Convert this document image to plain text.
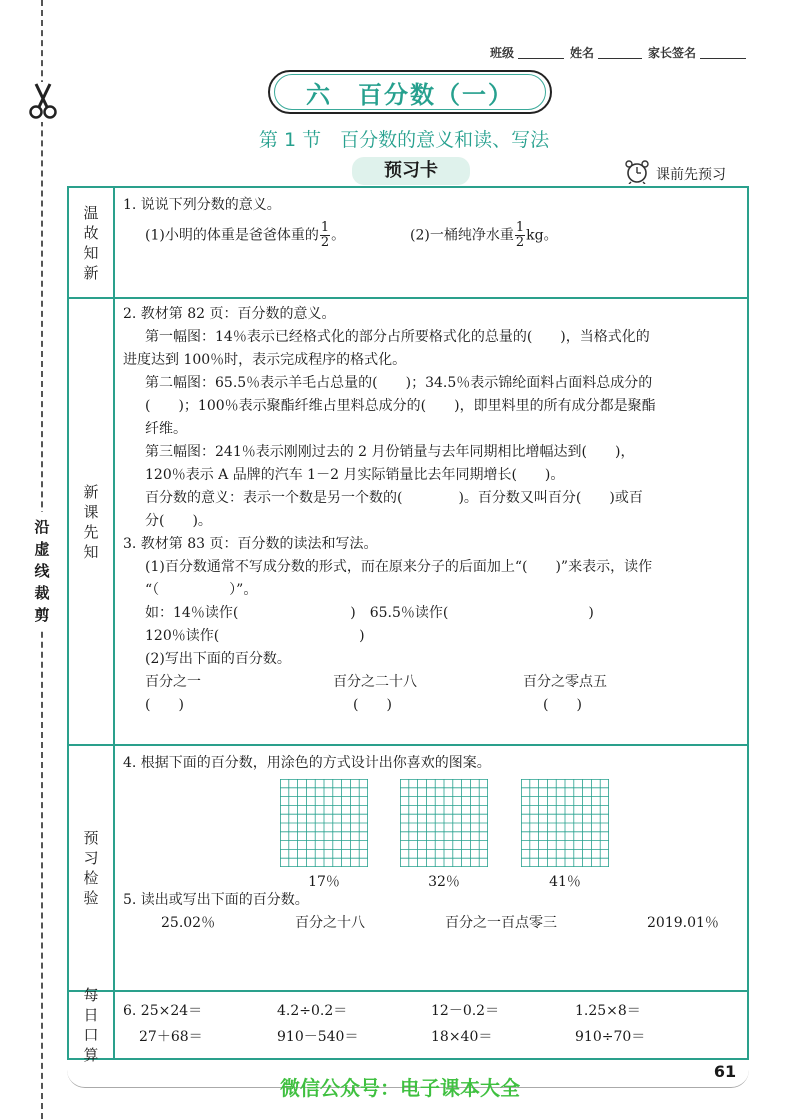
沿虚线裁剪
班级	姓名	家长签名
六　百分数（一）
第 1 节　百分数的意义和读、写法
预习卡	课前先预习
温故知新
1. 说说下列分数的意义。
(1)小明的体重是爸爸体重的 $\frac{1}{2}$ 。	(2)一桶纯净水重 $\frac{1}{2}$ kg。
新课先知
2. 教材第 82 页：百分数的意义。
第一幅图：14％表示已经格式化的部分占所要格式化的总量的(　　)，当格式化的
进度达到 100％时，表示完成程序的格式化。
第二幅图：65.5％表示羊毛占总量的(　　)；34.5％表示锦纶面料占面料总成分的
(　　)；100％表示聚酯纤维占里料总成分的(　　)，即里料里的所有成分都是聚酯
纤维。
第三幅图：241％表示刚刚过去的 2 月份销量与去年同期相比增幅达到(　　)，
120％表示 A 品牌的汽车 1－2 月实际销量比去年同期增长(　　)。
百分数的意义：表示一个数是另一个数的(　　　　)。百分数又叫百分(　　)或百
分(　　)。
3. 教材第 83 页：百分数的读法和写法。
(1)百分数通常不写成分数的形式，而在原来分子的后面加上“(　　)”来表示，读作
“（　　　　　）”。
如：14％读作(　　　　　　　　)　65.5％读作(　　　　　　　　　　)
120％读作(　　　　　　　　　　)
(2)写出下面的百分数。
百分之一	百分之二十八	百分之零点五
(　　)	(　　)	(　　)
预习检验
4. 根据下面的百分数，用涂色的方式设计出你喜欢的图案。
17％	32％	41％
5. 读出或写出下面的百分数。
25.02％	百分之十八	百分之一百点零三	2019.01％
每日口算
6. 25×24＝	4.2÷0.2＝	12－0.2＝	1.25×8＝
27＋68＝	910－540＝	18×40＝	910÷70＝
61
微信公众号：电子课本大全
